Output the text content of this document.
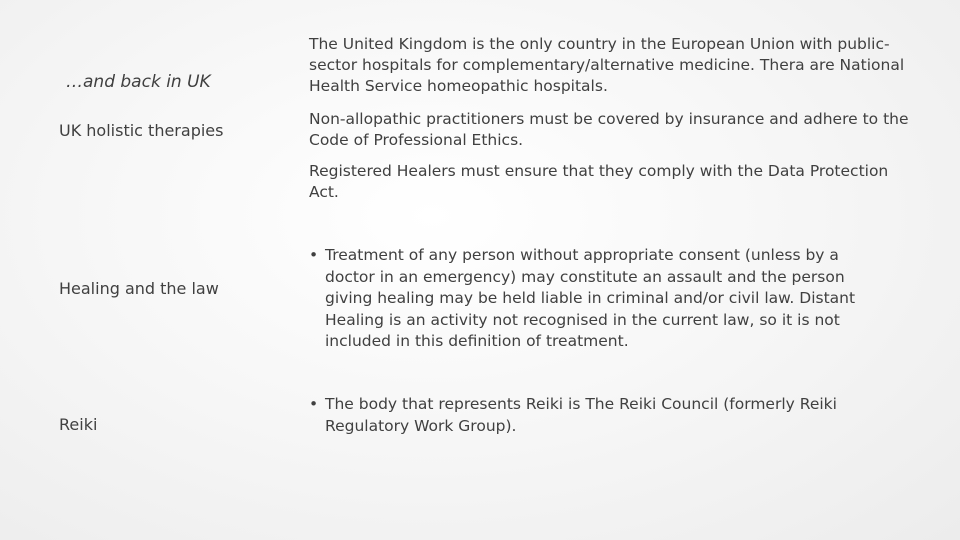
…and back in UK
UK holistic therapies
Healing and the law
Reiki

The United Kingdom is the only country in the European Union with public-sector hospitals for complementary/alternative medicine. Thera are National Health Service homeopathic hospitals.

Non-allopathic practitioners must be covered by insurance and adhere to the Code of Professional Ethics.

Registered Healers must ensure that they comply with the Data Protection Act.

• Treatment of any person without appropriate consent (unless by a doctor in an emergency) may constitute an assault and the person giving healing may be held liable in criminal and/or civil law. Distant Healing is an activity not recognised in the current law, so it is not included in this definition of treatment.
• The body that represents Reiki is The Reiki Council (formerly Reiki Regulatory Work Group).
